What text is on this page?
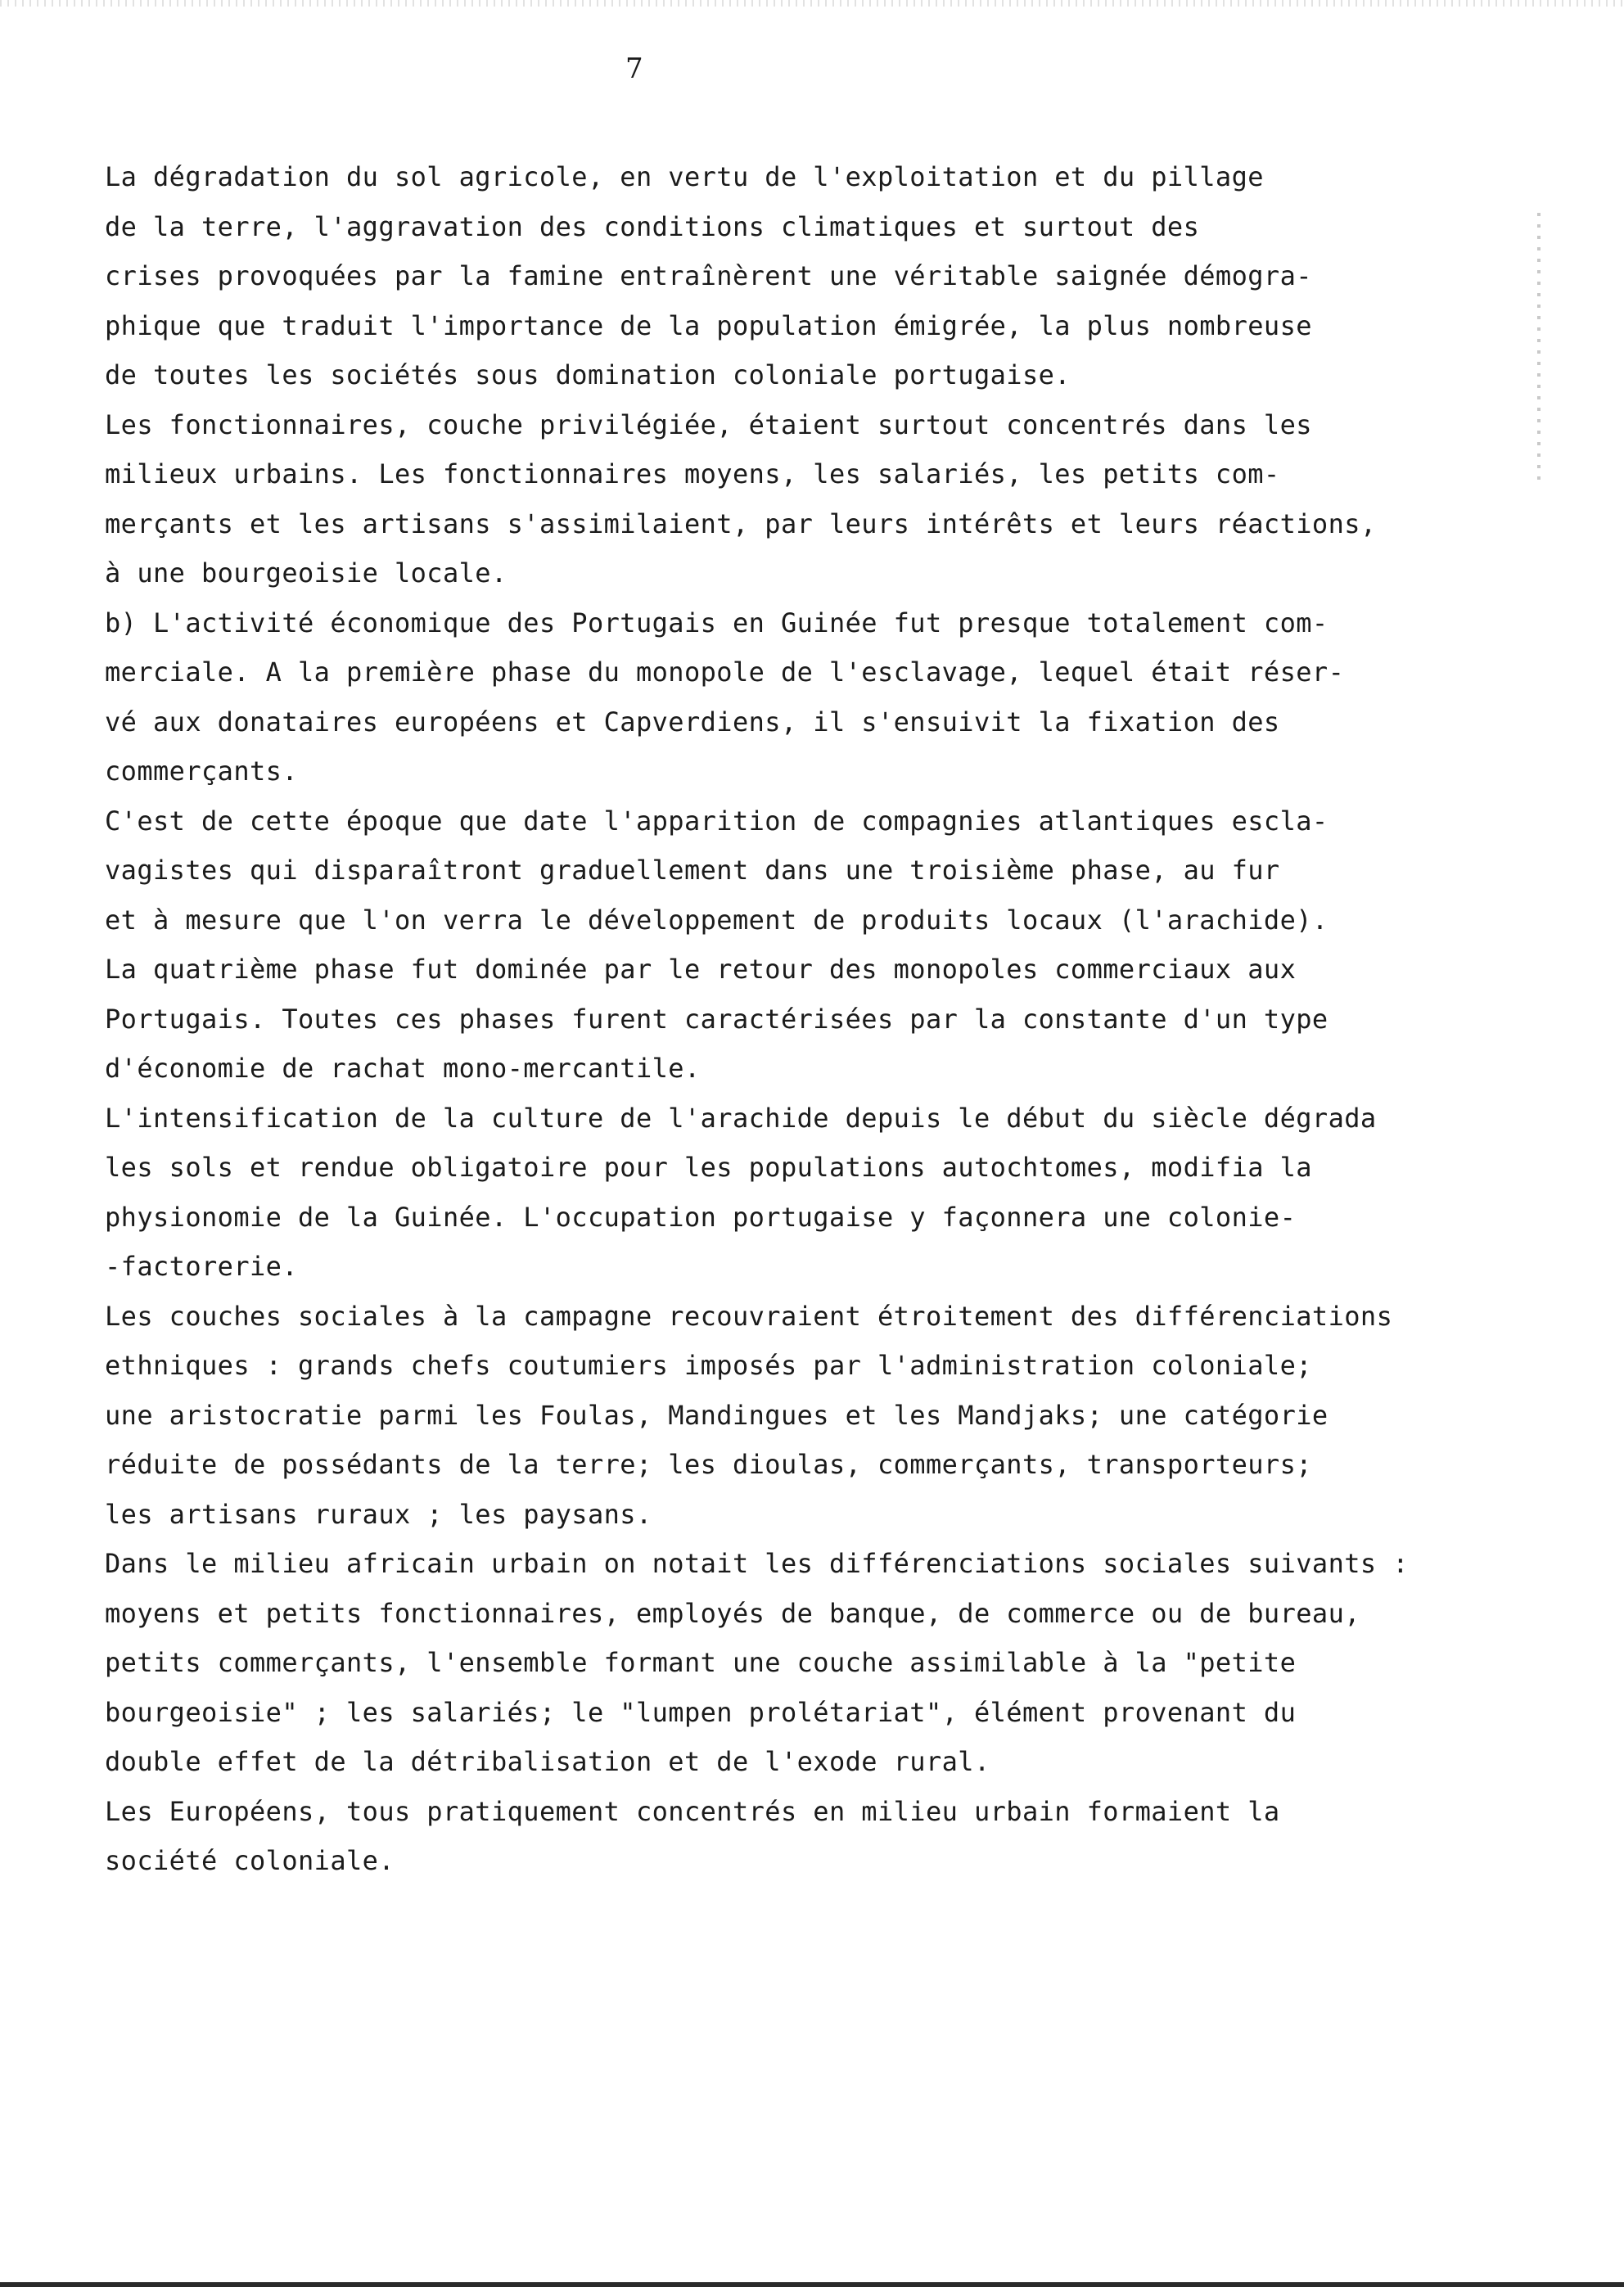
7
La dégradation du sol agricole, en vertu de l'exploitation et du pillage
de la terre, l'aggravation des conditions climatiques et surtout des
crises provoquées par la famine entraînèrent une véritable saignée démogra-
phique que traduit l'importance de la population émigrée, la plus nombreuse
de toutes les sociétés sous domination coloniale portugaise.
Les fonctionnaires, couche privilégiée, étaient surtout concentrés dans les
milieux urbains. Les fonctionnaires moyens, les salariés, les petits com-
merçants et les artisans s'assimilaient, par leurs intérêts et leurs réactions,
à une bourgeoisie locale.
b) L'activité économique des Portugais en Guinée fut presque totalement com-
merciale. A la première phase du monopole de l'esclavage, lequel était réser-
vé aux donataires européens et Capverdiens, il s'ensuivit la fixation des
commerçants.
C'est de cette époque que date l'apparition de compagnies atlantiques escla-
vagistes qui disparaîtront graduellement dans une troisième phase, au fur
et à mesure que l'on verra le développement de produits locaux (l'arachide).
La quatrième phase fut dominée par le retour des monopoles commerciaux aux
Portugais. Toutes ces phases furent caractérisées par la constante d'un type
d'économie de rachat mono-mercantile.
L'intensification de la culture de l'arachide depuis le début du siècle dégrada
les sols et rendue obligatoire pour les populations autochtomes, modifia la
physionomie de la Guinée. L'occupation portugaise y façonnera une colonie-
-factorerie.
Les couches sociales à la campagne recouvraient étroitement des différenciations
ethniques : grands chefs coutumiers imposés par l'administration coloniale;
une aristocratie parmi les Foulas, Mandingues et les Mandjaks; une catégorie
réduite de possédants de la terre; les dioulas, commerçants, transporteurs;
les artisans ruraux ; les paysans.
Dans le milieu africain urbain on notait les différenciations sociales suivants :
moyens et petits fonctionnaires, employés de banque, de commerce ou de bureau,
petits commerçants, l'ensemble formant une couche assimilable à la "petite
bourgeoisie" ; les salariés; le "lumpen prolétariat", élément provenant du
double effet de la détribalisation et de l'exode rural.
Les Européens, tous pratiquement concentrés en milieu urbain formaient la
société coloniale.
